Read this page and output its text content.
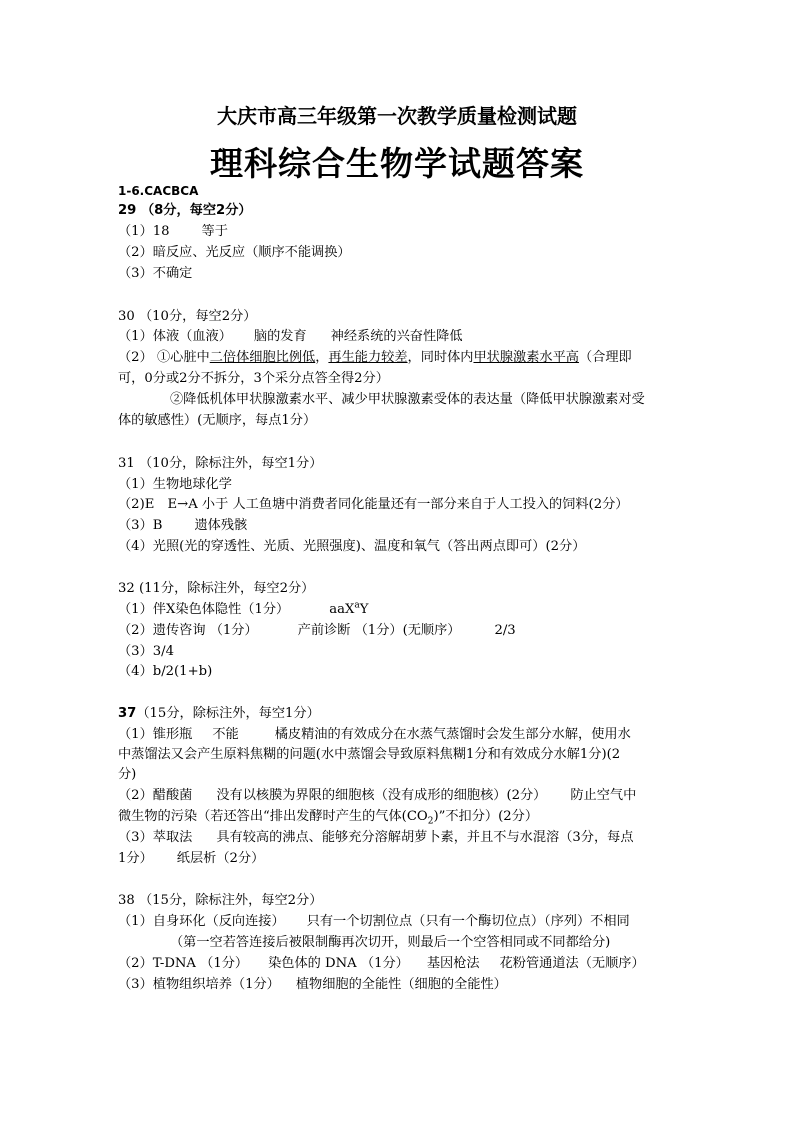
大庆市高三年级第一次教学质量检测试题
理科综合生物学试题答案
1-6.CACBCA
29 （8分，每空2分）
（1）18 等于
（2）暗反应、光反应（顺序不能调换）
（3）不确定
30 （10分，每空2分）
（1）体液（血液） 脑的发育 神经系统的兴奋性降低
（2） ①心脏中二倍体细胞比例低，再生能力较差，同时体内甲状腺激素水平高（合理即
可，0分或2分不拆分，3个采分点答全得2分）
②降低机体甲状腺激素水平、减少甲状腺激素受体的表达量（降低甲状腺激素对受
体的敏感性）(无顺序，每点1分）
31 （10分，除标注外，每空1分）
（1）生物地球化学
（2)E　E→A 小于 人工鱼塘中消费者同化能量还有一部分来自于人工投入的饲料(2分）
（3）B 遗体残骸
（4）光照(光的穿透性、光质、光照强度)、温度和氧气（答出两点即可）(2分）
32 (11分，除标注外，每空2分）
（1）伴X染色体隐性（1分）	aaX$^a$Y
（2）遗传咨询 （1分）	产前诊断 （1分）(无顺序）	2/3
（3）3/4
（4）b/2(1+b)
37（15分，除标注外，每空1分）
（1）锥形瓶 不能	橘皮精油的有效成分在水蒸气蒸馏时会发生部分水解，使用水
中蒸馏法又会产生原料焦糊的问题(水中蒸馏会导致原料焦糊1分和有效成分水解1分)(2
分)
（2）醋酸菌 没有以核膜为界限的细胞核（没有成形的细胞核）(2分） 防止空气中
微生物的污染（若还答出“排出发酵时产生的气体$(CO_2)$”不扣分）(2分）
（3）萃取法 具有较高的沸点、能够充分溶解胡萝卜素，并且不与水混溶（3分，每点
1分） 纸层析（2分）
38 （15分，除标注外，每空2分）
（1）自身环化（反向连接） 只有一个切割位点（只有一个酶切位点）（序列）不相同
（第一空若答连接后被限制酶再次切开，则最后一个空答相同或不同都给分)
（2）T-DNA （1分） 染色体的 DNA （1分） 基因枪法 花粉管通道法（无顺序）
（3）植物组织培养（1分） 植物细胞的全能性（细胞的全能性）
